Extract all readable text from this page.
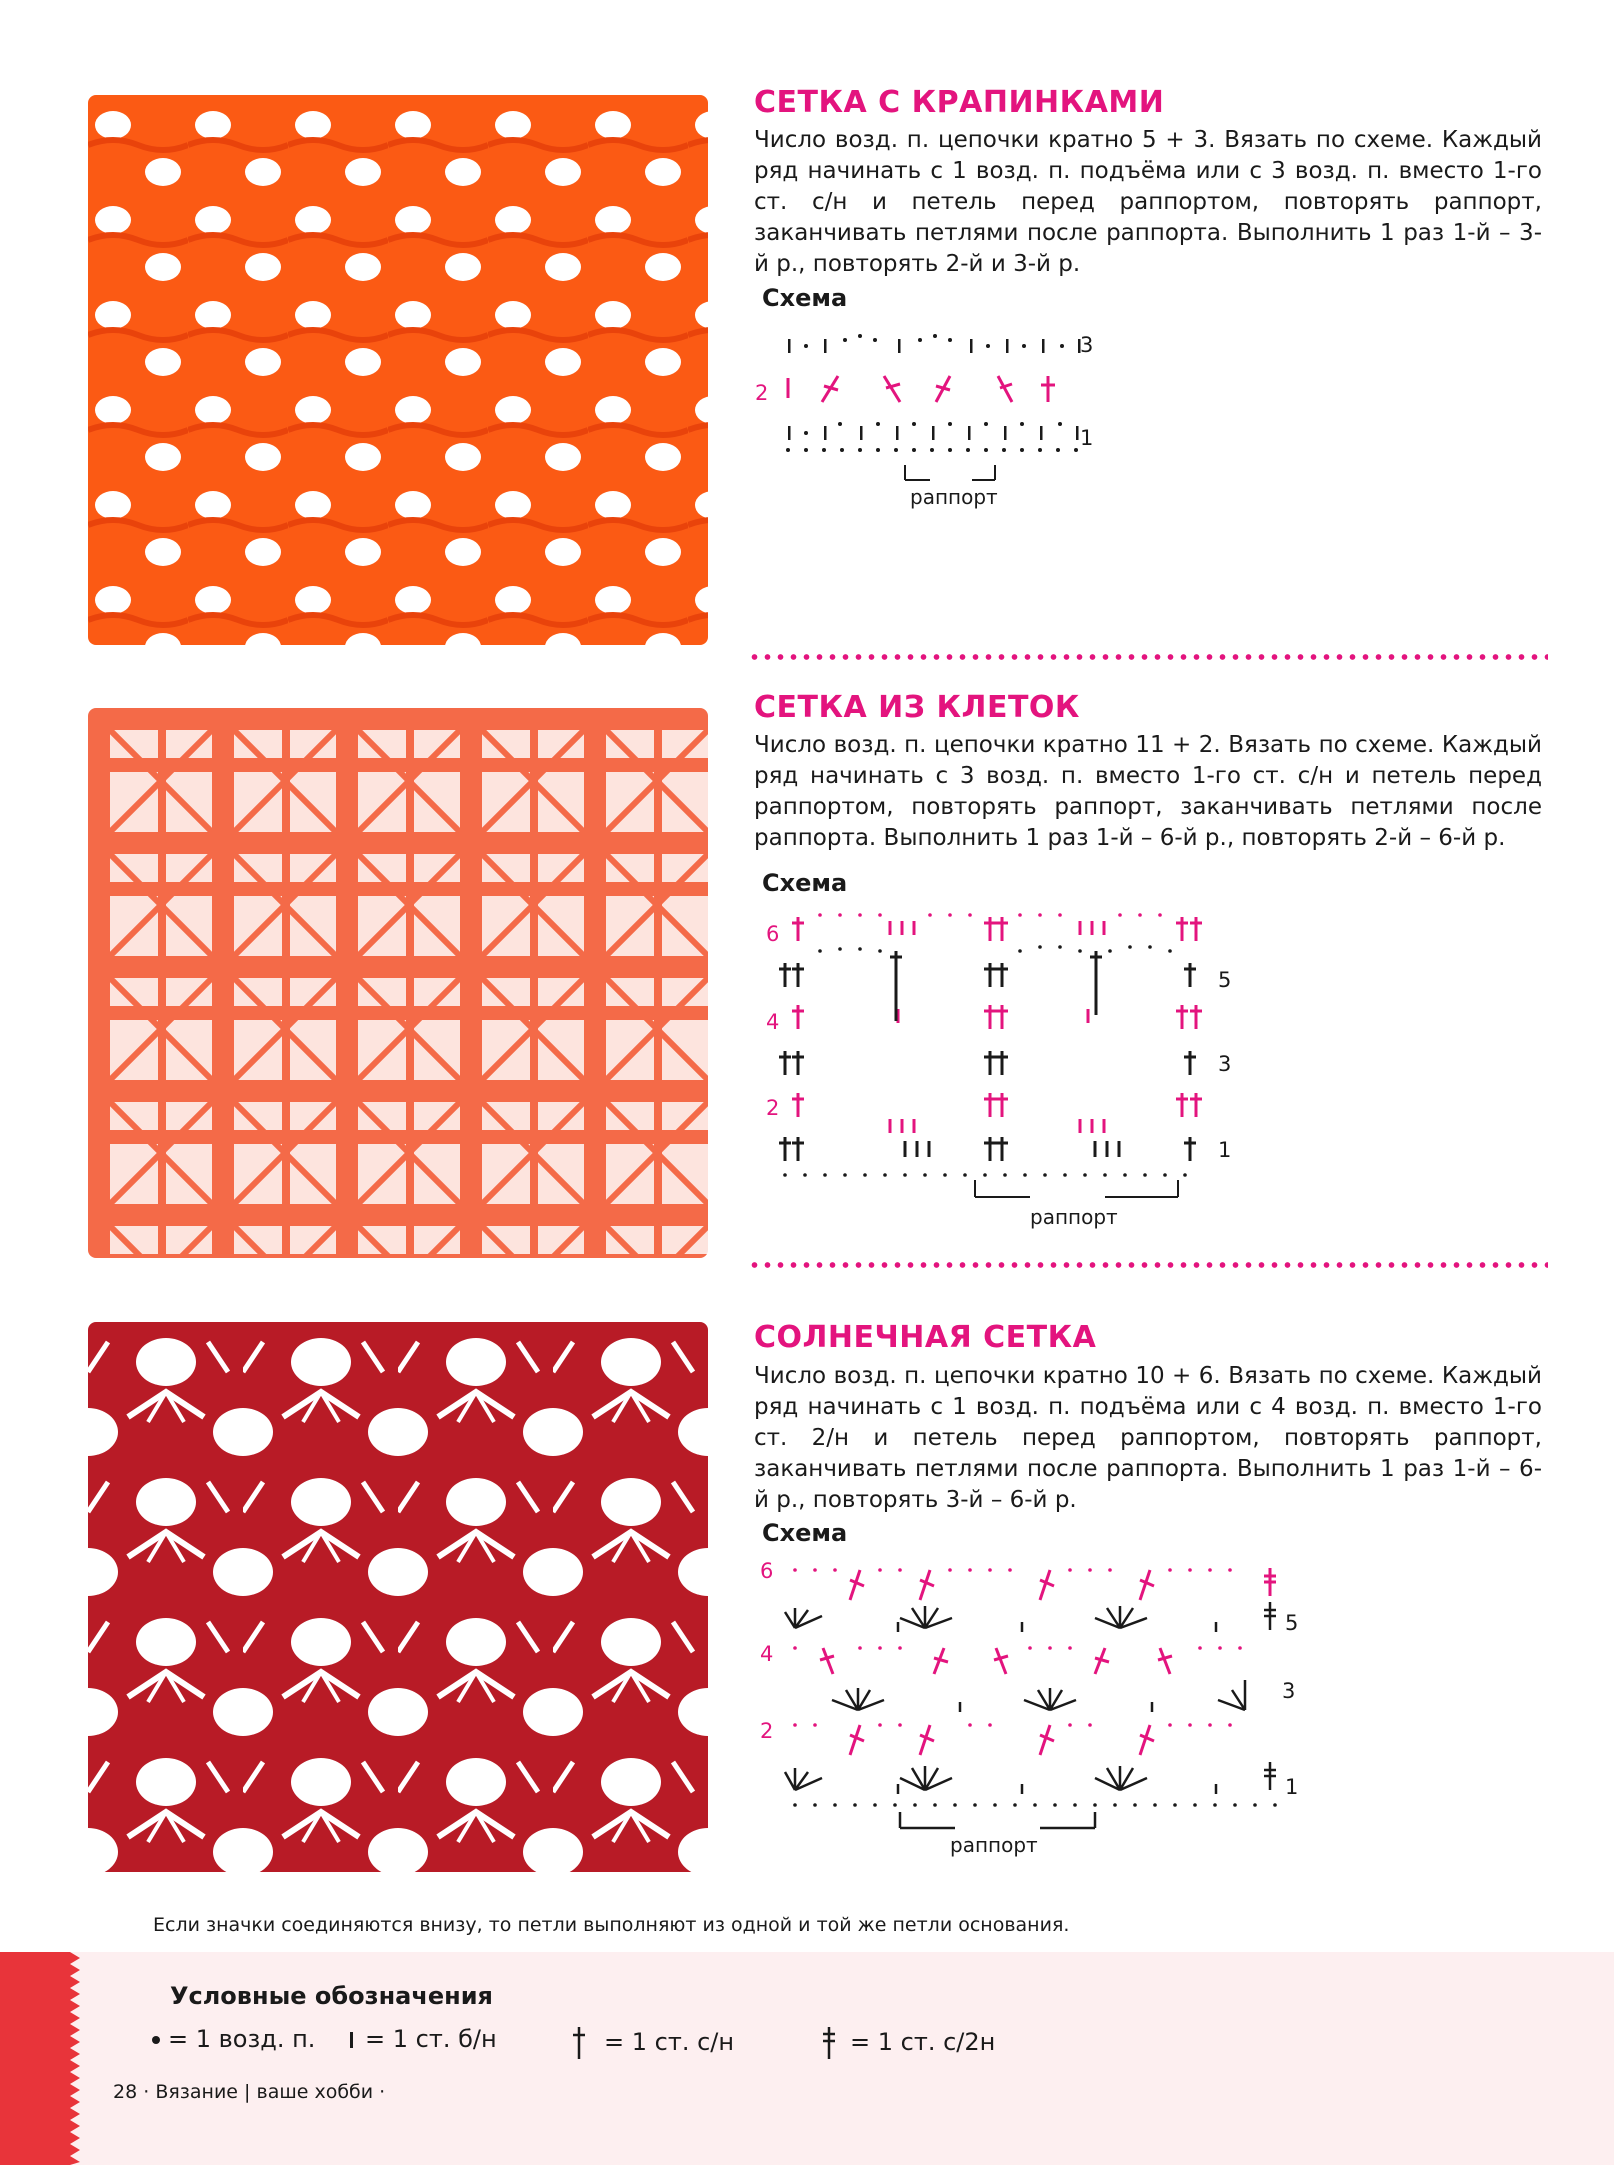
СЕТКА С КРАПИНКАМИ
Число возд. п. цепочки кратно 5 + 3. Вязать по схеме. Каждый ряд начинать с 1 возд. п. подъёма или с 3 возд. п. вместо 1-го ст. с/н и петель перед раппортом, повторять раппорт, заканчивать петлями после раппорта. Выполнить 1 раз 1-й – 3-й р., повторять 2-й и 3-й р.
Схема
3
2
1
раппорт
СЕТКА ИЗ КЛЕТОК
Число возд. п. цепочки кратно 11 + 2. Вязать по схеме. Каждый ряд начинать с 3 возд. п. вместо 1-го ст. с/н и петель перед раппортом, повторять раппорт, заканчивать петлями после раппорта. Выполнить 1 раз 1-й – 6-й р., повторять 2-й – 6-й р.
Схема
6
5
4
3
2
1
раппорт
СОЛНЕЧНАЯ СЕТКА
Число возд. п. цепочки кратно 10 + 6. Вязать по схеме. Каждый ряд начинать с 1 возд. п. подъёма или с 4 возд. п. вместо 1-го ст. 2/н и петель перед раппортом, повторять раппорт, заканчивать петлями после раппорта. Выполнить 1 раз 1-й – 6-й р., повторять 3-й – 6-й р.
Схема
6
5
4
3
2
1
раппорт
Если значки соединяются внизу, то петли выполняют из одной и той же петли основания.
Условные обозначения
= 1 возд. п.	= 1 ст. б/н	= 1 ст. с/н	= 1 ст. с/2н
28 · Вязание | ваше хобби ·
